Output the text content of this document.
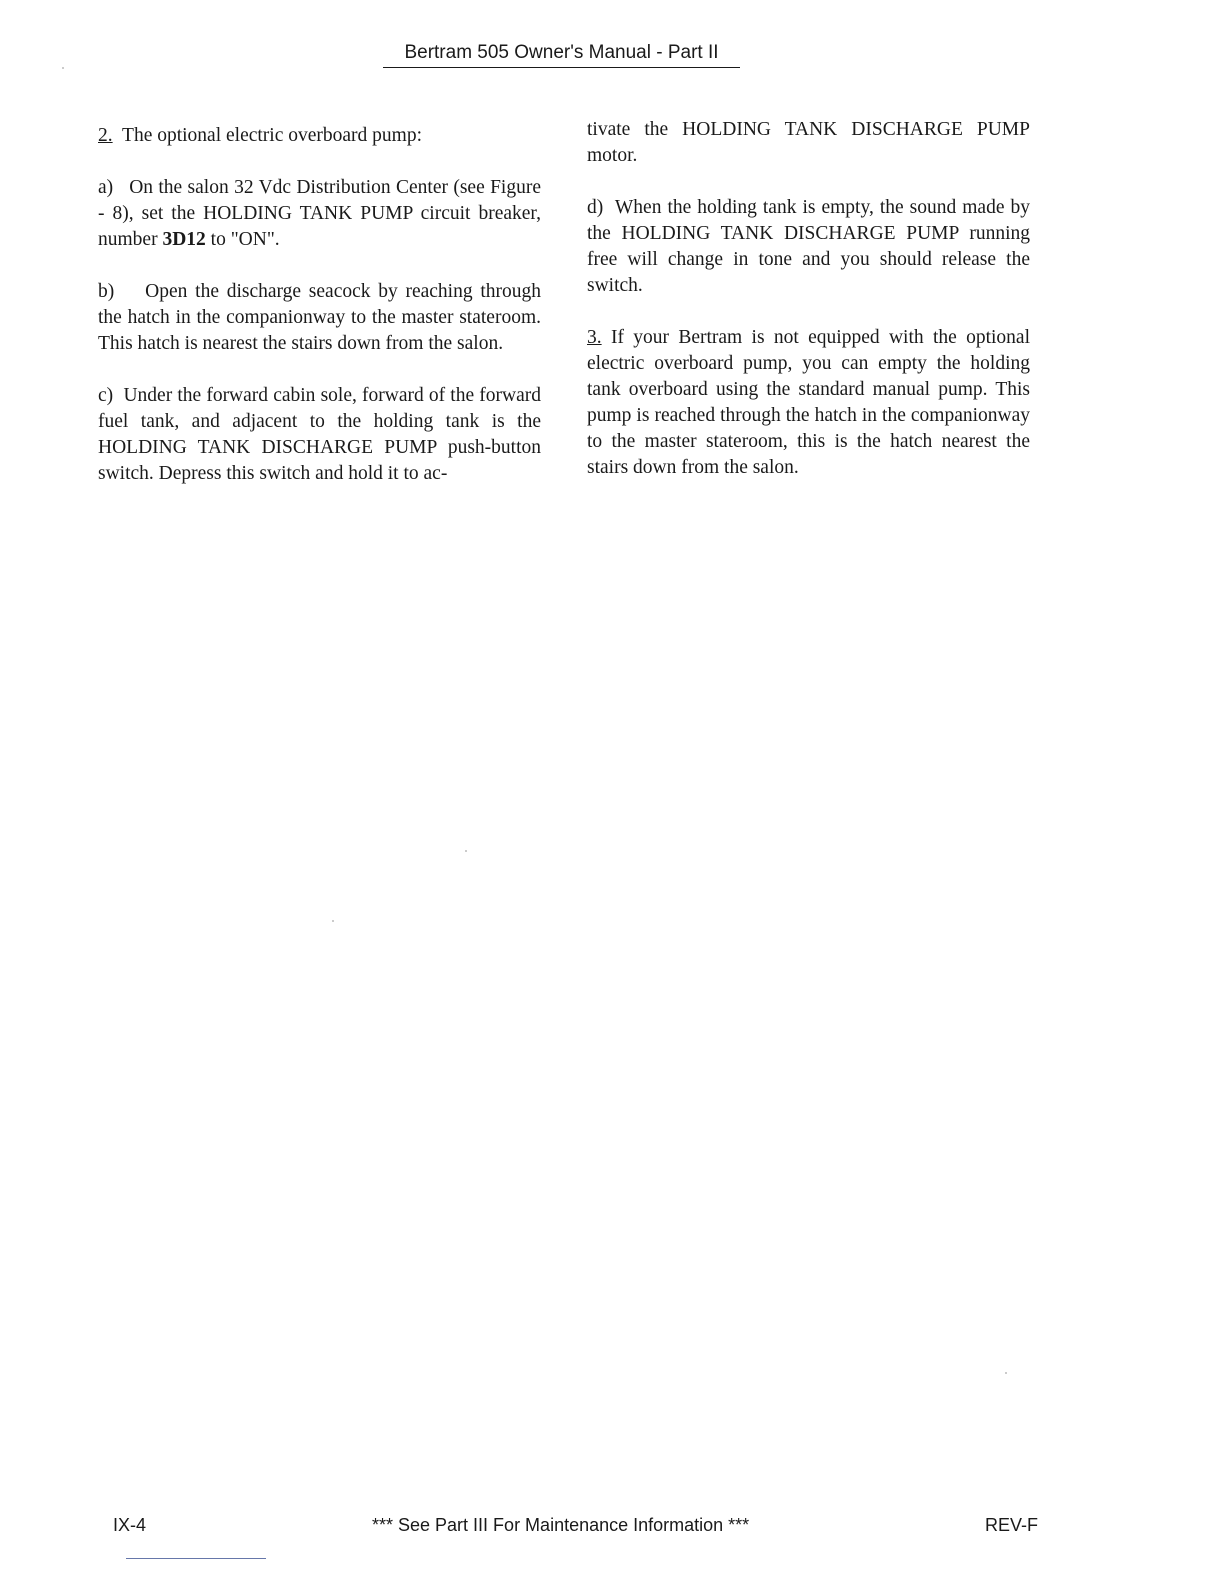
Bertram 505 Owner's Manual - Part II

2. The optional electric overboard pump:

a)   On the salon 32 Vdc Distribution Center (see Figure - 8), set the HOLDING TANK PUMP circuit breaker, number 3D12 to "ON".

b)    Open the discharge seacock by reaching through the hatch in the companionway to the master stateroom. This hatch is nearest the stairs down from the salon.

c)  Under the forward cabin sole, forward of the forward fuel tank, and adjacent to the holding tank is the HOLDING TANK DISCHARGE PUMP push-button switch. Depress this switch and hold it to ac-

tivate the HOLDING TANK DISCHARGE PUMP motor.

d)  When the holding tank is empty, the sound made by the HOLDING TANK DISCHARGE PUMP running free will change in tone and you should release the switch.

3. If your Bertram is not equipped with the optional electric overboard pump, you can empty the holding tank overboard using the standard manual pump. This pump is reached through the hatch in the companionway to the master stateroom, this is the hatch nearest the stairs down from the salon.

IX-4	*** See Part III For Maintenance Information ***	REV-F
